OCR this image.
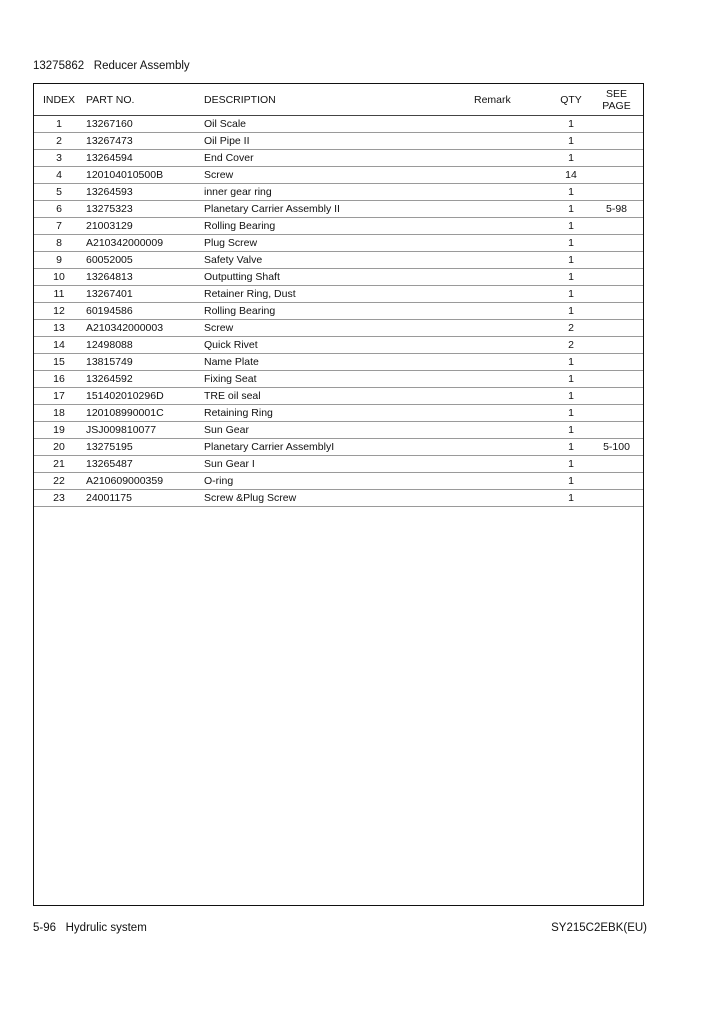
13275862 Reducer Assembly
INDEX	PART NO.	DESCRIPTION	Remark	QTY	SEE
PAGE

1	13267160	Oil Scale		1	
2	13267473	Oil Pipe II		1	
3	13264594	End Cover		1	
4	120104010500B	Screw		14	
5	13264593	inner gear ring		1	
6	13275323	Planetary Carrier Assembly II		1	5-98
7	21003129	Rolling Bearing		1	
8	A210342000009	Plug Screw		1	
9	60052005	Safety Valve		1	
10	13264813	Outputting Shaft		1	
11	13267401	Retainer Ring, Dust		1	
12	60194586	Rolling Bearing		1	
13	A210342000003	Screw		2	
14	12498088	Quick Rivet		2	
15	13815749	Name Plate		1	
16	13264592	Fixing Seat		1	
17	151402010296D	TRE oil seal		1	
18	120108990001C	Retaining Ring		1	
19	JSJ009810077	Sun Gear		1	
20	13275195	Planetary Carrier AssemblyI		1	5-100
21	13265487	Sun Gear I		1	
22	A210609000359	O-ring		1	
23	24001175	Screw &Plug Screw		1	
5-96 Hydrulic system	SY215C2EBK(EU)
